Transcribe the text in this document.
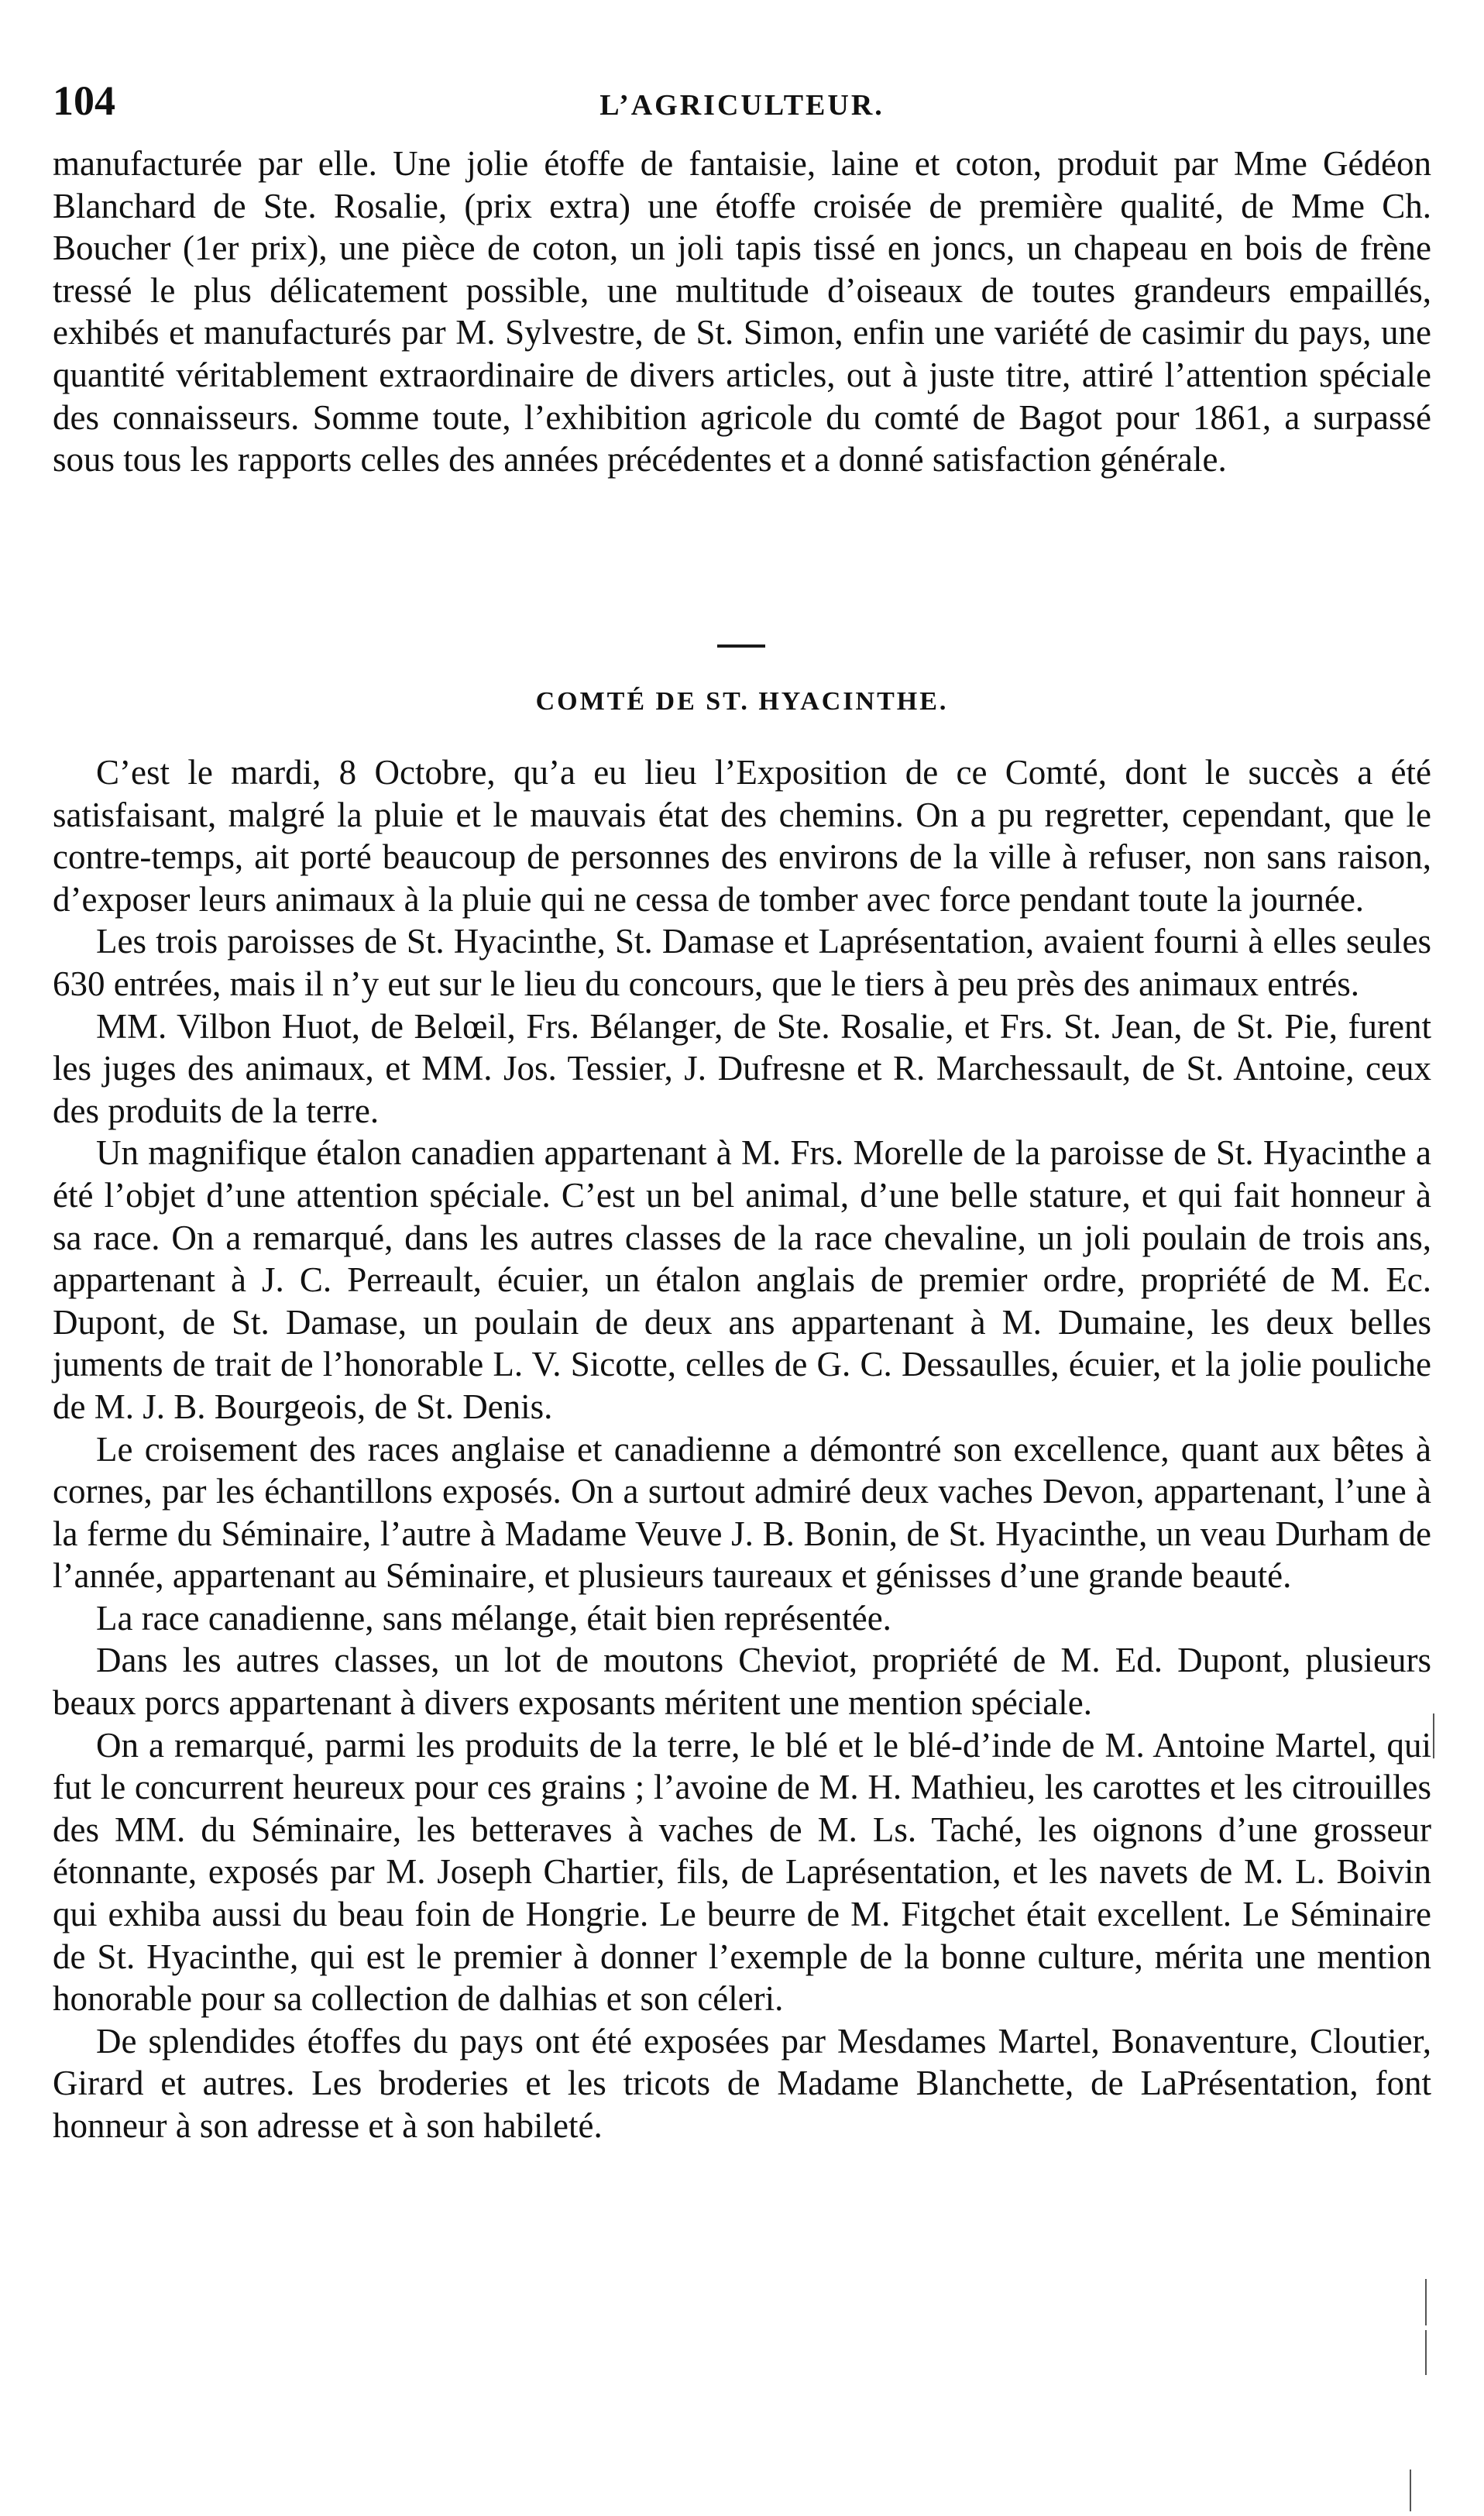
104	L’AGRICULTEUR.

manufacturée par elle. Une jolie étoffe de fantaisie, laine et coton, produit par Mme Gédéon Blanchard de Ste. Rosalie, (prix extra) une étoffe croisée de première qualité, de Mme Ch. Boucher (1er prix), une pièce de coton, un joli tapis tissé en joncs, un chapeau en bois de frène tressé le plus délicatement possible, une multitude d’oiseaux de toutes grandeurs empaillés, exhibés et manufacturés par M. Sylvestre, de St. Simon, enfin une variété de casimir du pays, une quantité véritablement extraordinaire de divers articles, out à juste titre, attiré l’attention spéciale des connaisseurs. Somme toute, l’exhibition agricole du comté de Bagot pour 1861, a surpassé sous tous les rapports celles des années précédentes et a donné satisfaction générale.

COMTÉ DE ST. HYACINTHE.

C’est le mardi, 8 Octobre, qu’a eu lieu l’Exposition de ce Comté, dont le succès a été satisfaisant, malgré la pluie et le mauvais état des chemins. On a pu regretter, cependant, que le contre-temps, ait porté beaucoup de personnes des environs de la ville à refuser, non sans raison, d’exposer leurs animaux à la pluie qui ne cessa de tomber avec force pendant toute la journée.

Les trois paroisses de St. Hyacinthe, St. Damase et Laprésentation, avaient fourni à elles seules 630 entrées, mais il n’y eut sur le lieu du concours, que le tiers à peu près des animaux entrés.

MM. Vilbon Huot, de Belœil, Frs. Bélanger, de Ste. Rosalie, et Frs. St. Jean, de St. Pie, furent les juges des animaux, et MM. Jos. Tessier, J. Dufresne et R. Marchessault, de St. Antoine, ceux des produits de la terre.

Un magnifique étalon canadien appartenant à M. Frs. Morelle de la paroisse de St. Hyacinthe a été l’objet d’une attention spéciale. C’est un bel animal, d’une belle stature, et qui fait honneur à sa race. On a remarqué, dans les autres classes de la race chevaline, un joli poulain de trois ans, appartenant à J. C. Perreault, écuier, un étalon anglais de premier ordre, propriété de M. Ec. Dupont, de St. Damase, un poulain de deux ans appartenant à M. Dumaine, les deux belles juments de trait de l’honorable L. V. Sicotte, celles de G. C. Dessaulles, écuier, et la jolie pouliche de M. J. B. Bourgeois, de St. Denis.

Le croisement des races anglaise et canadienne a démontré son excellence, quant aux bêtes à cornes, par les échantillons exposés. On a surtout admiré deux vaches Devon, appartenant, l’une à la ferme du Séminaire, l’autre à Madame Veuve J. B. Bonin, de St. Hyacinthe, un veau Durham de l’année, appartenant au Séminaire, et plusieurs taureaux et génisses d’une grande beauté.

La race canadienne, sans mélange, était bien représentée.

Dans les autres classes, un lot de moutons Cheviot, propriété de M. Ed. Dupont, plusieurs beaux porcs appartenant à divers exposants méritent une mention spéciale.

On a remarqué, parmi les produits de la terre, le blé et le blé-d’inde de M. Antoine Martel, qui fut le concurrent heureux pour ces grains ; l’avoine de M. H. Mathieu, les carottes et les citrouilles des MM. du Séminaire, les betteraves à vaches de M. Ls. Taché, les oignons d’une grosseur étonnante, exposés par M. Joseph Chartier, fils, de Laprésentation, et les navets de M. L. Boivin qui exhiba aussi du beau foin de Hongrie. Le beurre de M. Fitgchet était excellent. Le Séminaire de St. Hyacinthe, qui est le premier à donner l’exemple de la bonne culture, mérita une mention honorable pour sa collection de dalhias et son céleri.

De splendides étoffes du pays ont été exposées par Mesdames Martel, Bonaventure, Cloutier, Girard et autres. Les broderies et les tricots de Madame Blanchette, de LaPrésentation, font honneur à son adresse et à son habileté.
